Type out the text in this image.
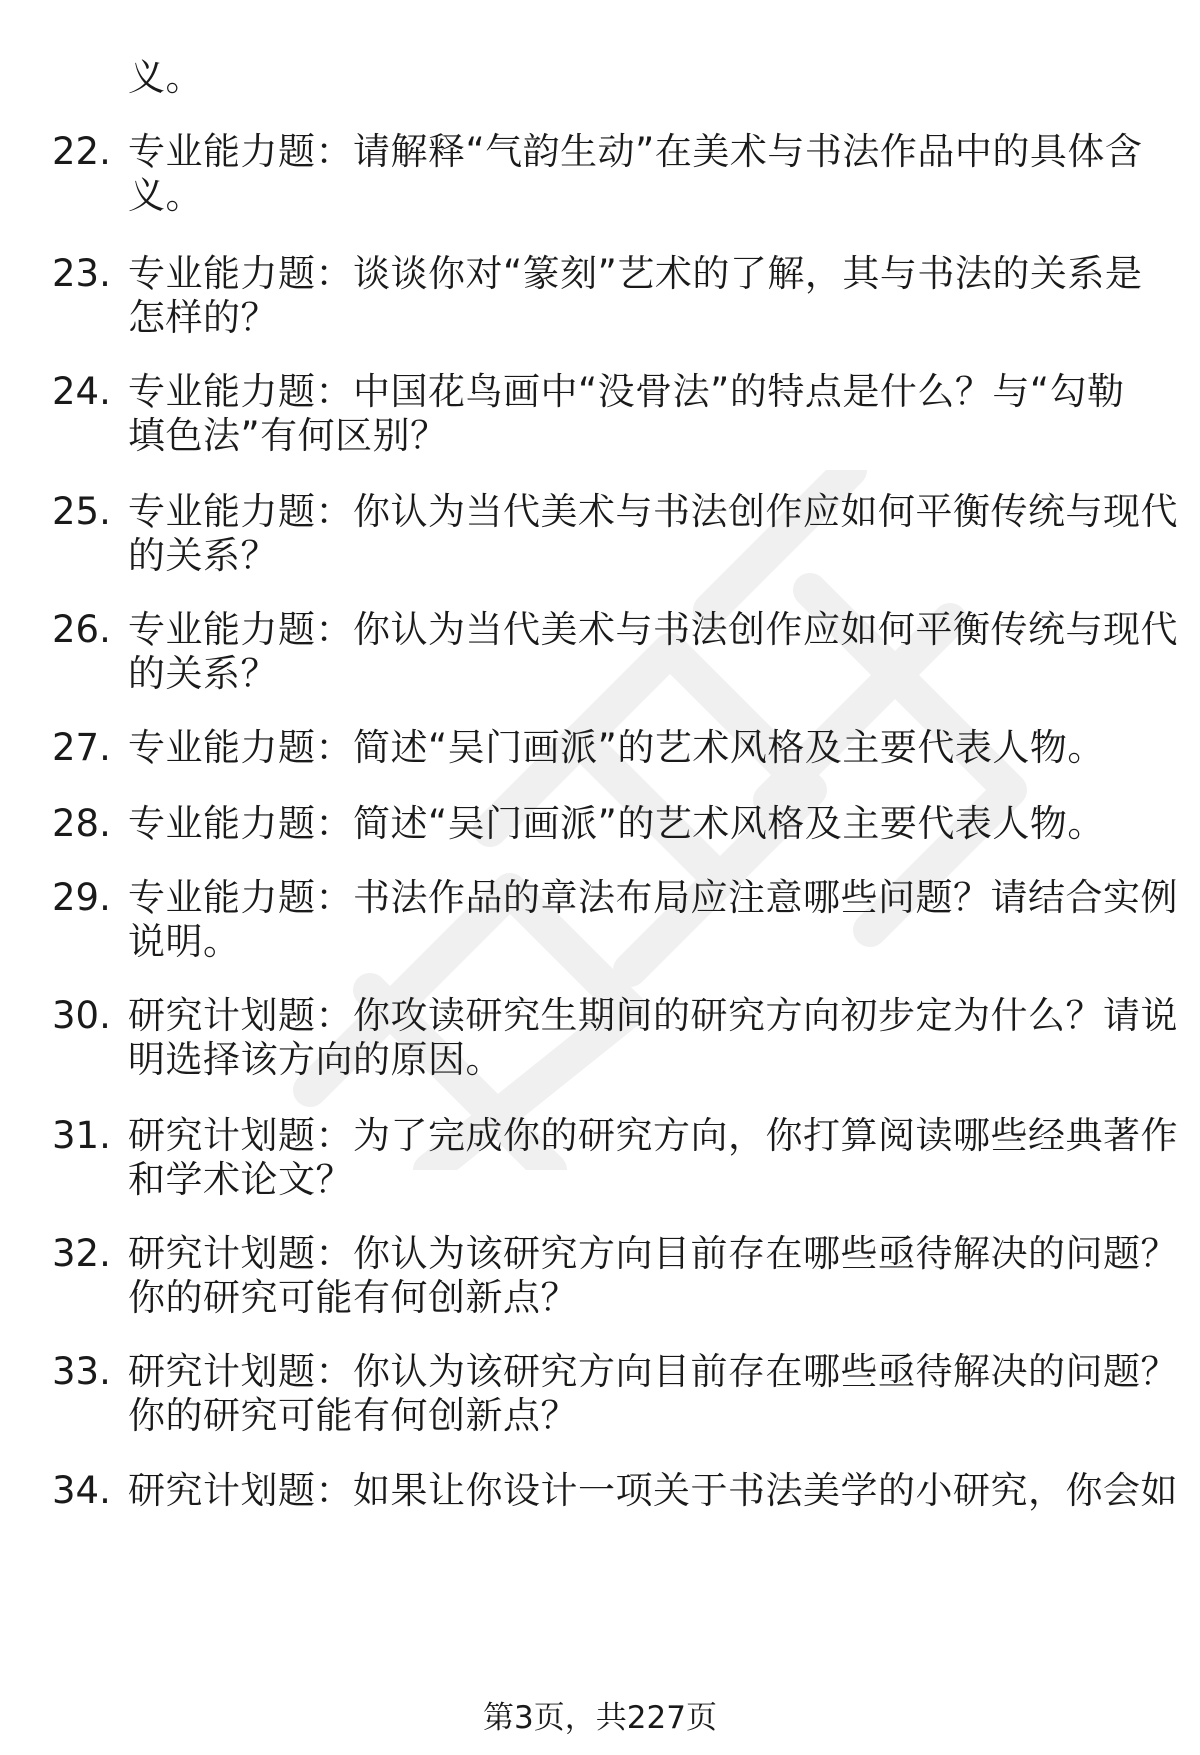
义。
22. 专业能力题：请解释“气韵生动”在美术与书法作品中的具体含
义。
23. 专业能力题：谈谈你对“篆刻”艺术的了解，其与书法的关系是
怎样的？
24. 专业能力题：中国花鸟画中“没骨法”的特点是什么？与“勾勒
填色法”有何区别？
25. 专业能力题：你认为当代美术与书法创作应如何平衡传统与现代
的关系？
26. 专业能力题：你认为当代美术与书法创作应如何平衡传统与现代
的关系？
27. 专业能力题：简述“吴门画派”的艺术风格及主要代表人物。
28. 专业能力题：简述“吴门画派”的艺术风格及主要代表人物。
29. 专业能力题：书法作品的章法布局应注意哪些问题？请结合实例
说明。
30. 研究计划题：你攻读研究生期间的研究方向初步定为什么？请说
明选择该方向的原因。
31. 研究计划题：为了完成你的研究方向，你打算阅读哪些经典著作
和学术论文？
32. 研究计划题：你认为该研究方向目前存在哪些亟待解决的问题？
你的研究可能有何创新点？
33. 研究计划题：你认为该研究方向目前存在哪些亟待解决的问题？
你的研究可能有何创新点？
34. 研究计划题：如果让你设计一项关于书法美学的小研究，你会如
第3页，共227页
